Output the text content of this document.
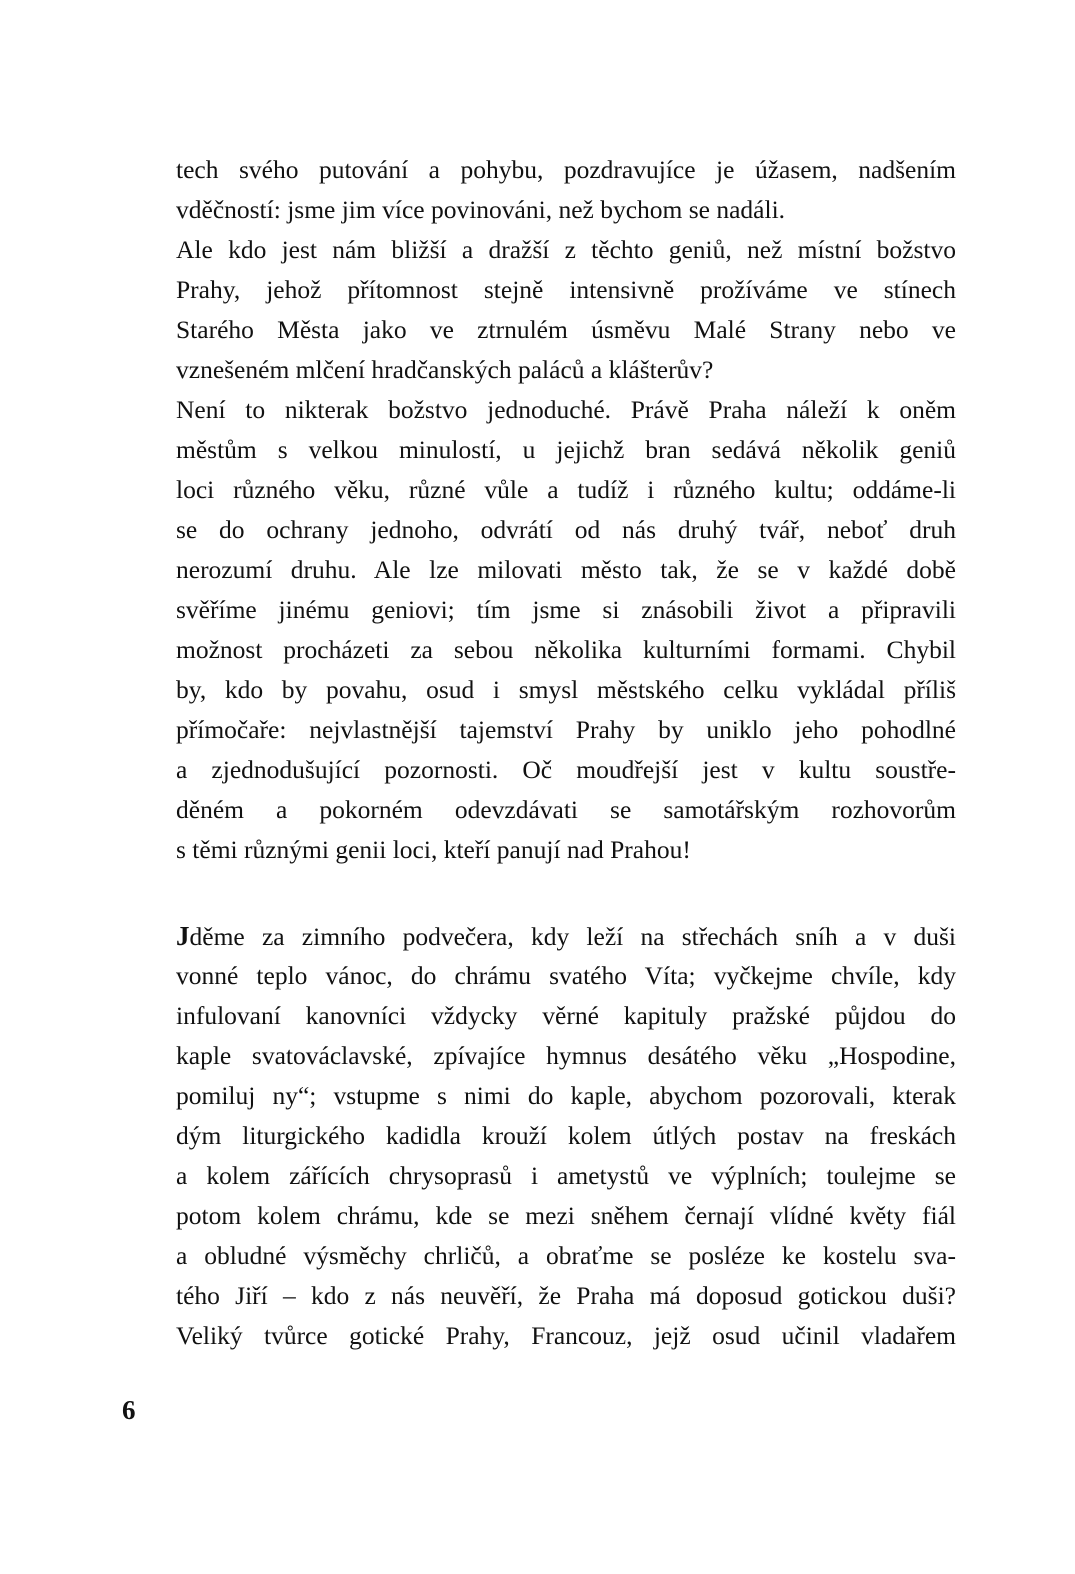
tech svého putování a pohybu, pozdravujíce je úžasem, nadšením
vděčností: jsme jim více povinováni, než bychom se nadáli.
Ale kdo jest nám bližší a dražší z těchto geniů, než místní božstvo
Prahy, jehož přítomnost stejně intensivně prožíváme ve stínech
Starého Města jako ve ztrnulém úsměvu Malé Strany nebo ve
vznešeném mlčení hradčanských paláců a klášterův?
Není to nikterak božstvo jednoduché. Právě Praha náleží k oněm
městům s velkou minulostí, u jejichž bran sedává několik geniů
loci různého věku, různé vůle a tudíž i různého kultu; oddáme-li
se do ochrany jednoho, odvrátí od nás druhý tvář, neboť druh
nerozumí druhu. Ale lze milovati město tak, že se v každé době
svěříme jinému geniovi; tím jsme si znásobili život a připravili
možnost procházeti za sebou několika kulturními formami. Chybil
by, kdo by povahu, osud i smysl městského celku vykládal příliš
přímočaře: nejvlastnější tajemství Prahy by uniklo jeho pohodlné
a zjednodušující pozornosti. Oč moudřejší jest v kultu soustře-
děném a pokorném odevzdávati se samotářským rozhovorům
s těmi různými genii loci, kteří panují nad Prahou!
Jděme za zimního podvečera, kdy leží na střechách sníh a v duši
vonné teplo vánoc, do chrámu svatého Víta; vyčkejme chvíle, kdy
infulovaní kanovníci vždycky věrné kapituly pražské půjdou do
kaple svatováclavské, zpívajíce hymnus desátého věku „Hospodine,
pomiluj ny“; vstupme s nimi do kaple, abychom pozorovali, kterak
dým liturgického kadidla krouží kolem útlých postav na freskách
a kolem zářících chrysoprasů i ametystů ve výplních; toulejme se
potom kolem chrámu, kde se mezi sněhem černají vlídné květy fiál
a obludné výsměchy chrličů, a obraťme se posléze ke kostelu sva-
tého Jiří – kdo z nás neuvěří, že Praha má doposud gotickou duši?
Veliký tvůrce gotické Prahy, Francouz, jejž osud učinil vladařem

6
